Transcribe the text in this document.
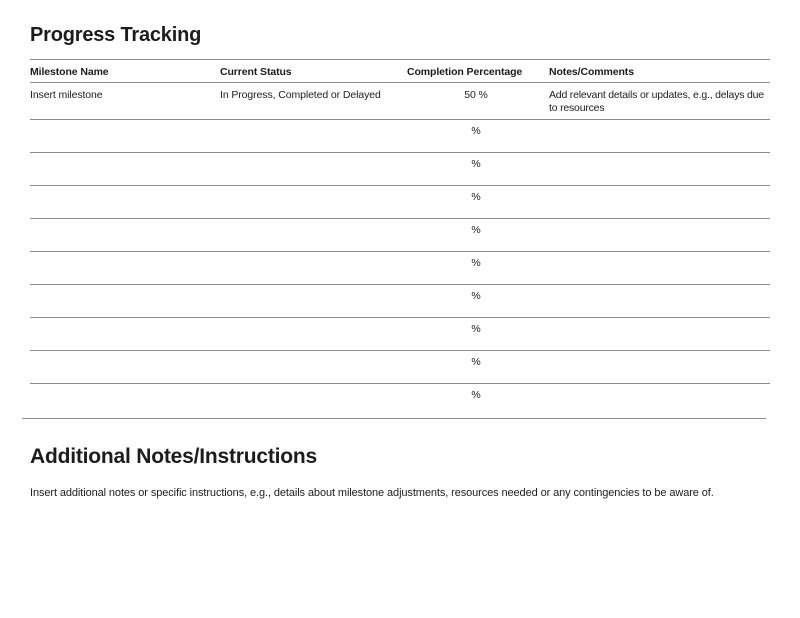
Progress Tracking
Milestone Name	Current Status	Completion Percentage	Notes/Comments
Insert milestone	In Progress, Completed or Delayed	50 %	Add relevant details or updates, e.g., delays due to resources
		%	
		%	
		%	
		%	
		%	
		%	
		%	
		%	
		%	
Additional Notes/Instructions

Insert additional notes or specific instructions, e.g., details about milestone adjustments, resources needed or any contingencies to be aware of.
